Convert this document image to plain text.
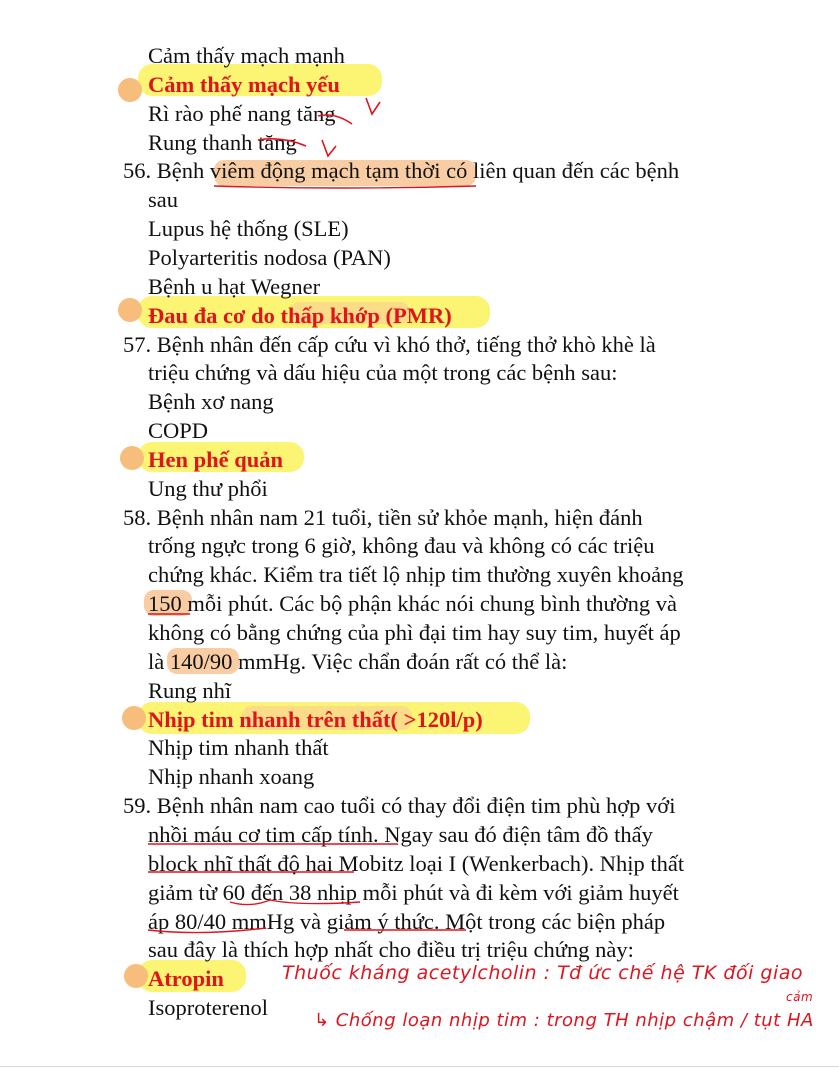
Cảm thấy mạch mạnh
Cảm thấy mạch yếu
Rì rào phế nang tăng
Rung thanh tăng
56. Bệnh viêm động mạch tạm thời có liên quan đến các bệnh
sau
Lupus hệ thống (SLE)
Polyarteritis nodosa (PAN)
Bệnh u hạt Wegner
Đau đa cơ do thấp khớp (PMR)
57. Bệnh nhân đến cấp cứu vì khó thở, tiếng thở khò khè là
triệu chứng và dấu hiệu của một trong các bệnh sau:
Bệnh xơ nang
COPD
Hen phế quản
Ung thư phổi
58. Bệnh nhân nam 21 tuổi, tiền sử khỏe mạnh, hiện đánh
trống ngực trong 6 giờ, không đau và không có các triệu
chứng khác. Kiểm tra tiết lộ nhịp tim thường xuyên khoảng
150 mỗi phút. Các bộ phận khác nói chung bình thường và
không có bằng chứng của phì đại tim hay suy tim, huyết áp
là 140/90 mmHg. Việc chẩn đoán rất có thể là:
Rung nhĩ
Nhịp tim nhanh trên thất( >120l/p)
Nhịp tim nhanh thất
Nhịp nhanh xoang
59. Bệnh nhân nam cao tuổi có thay đổi điện tim phù hợp với
nhồi máu cơ tim cấp tính. Ngay sau đó điện tâm đồ thấy
block nhĩ thất độ hai Mobitz loại I (Wenkerbach). Nhịp thất
giảm từ 60 đến 38 nhịp mỗi phút và đi kèm với giảm huyết
áp 80/40 mmHg và giảm ý thức. Một trong các biện pháp
sau đây là thích hợp nhất cho điều trị triệu chứng này:
Atropin
Isoproterenol
Thuốc kháng acetylcholin : Tđ ức chế hệ TK đối giao
cảm
↳ Chống loạn nhịp tim : trong TH nhịp chậm / tụt HA
